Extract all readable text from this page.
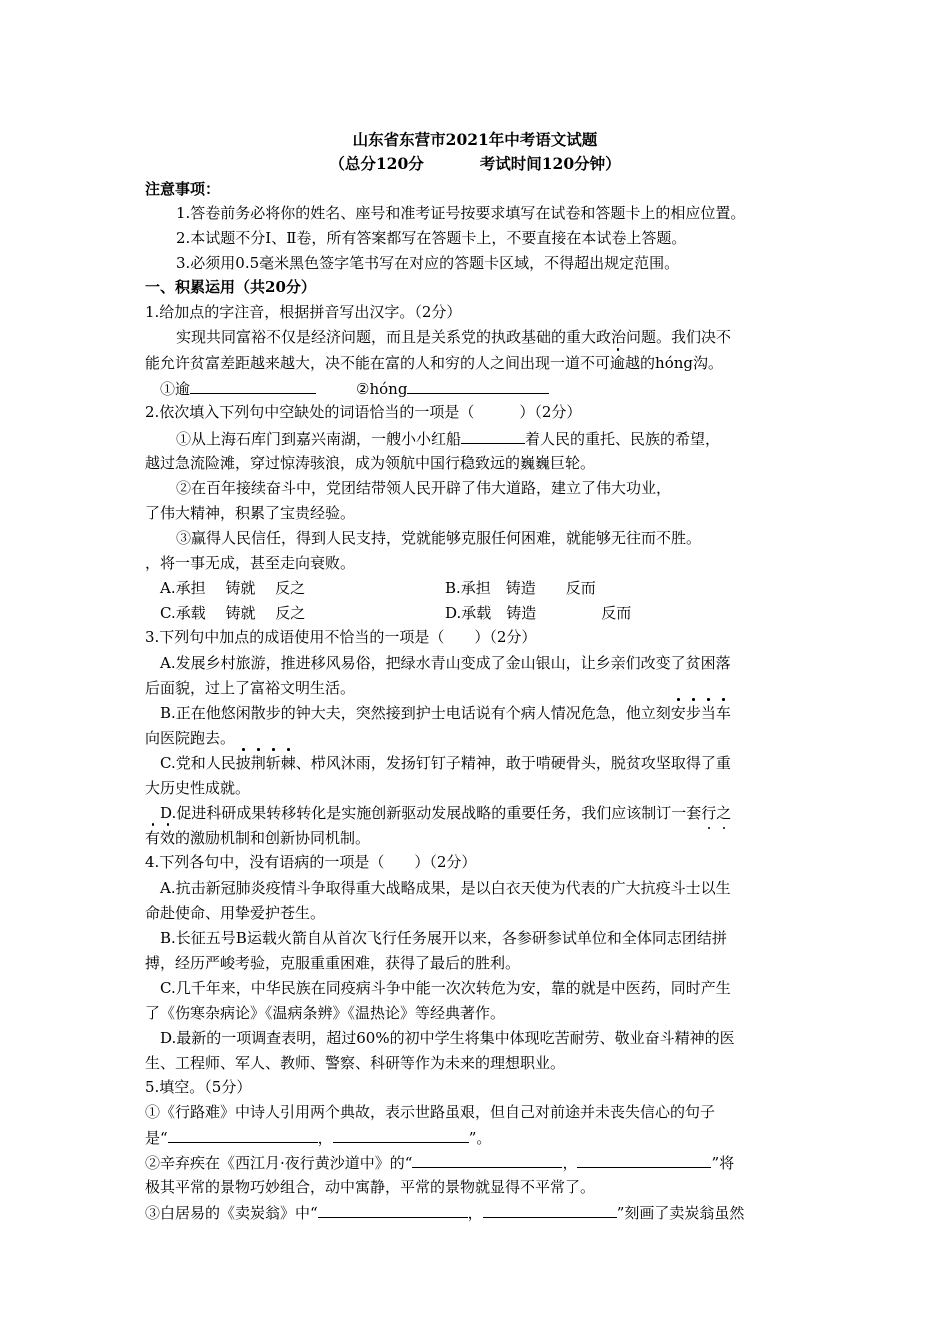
山东省东营市2021年中考语文试题
（总分120分	考试时间120分钟）
注意事项：
1.答卷前务必将你的姓名、座号和准考证号按要求填写在试卷和答题卡上的相应位置。
2.本试题不分Ⅰ、Ⅱ卷，所有答案都写在答题卡上，不要直接在本试卷上答题。
3.必须用0.5毫米黑色签字笔书写在对应的答题卡区域，不得超出规定范围。
一、积累运用（共20分）
1.给加点的字注音，根据拼音写出汉字。（2分）
实现共同富裕不仅是经济问题，而且是关系党的执政基础的重大政治问题。我们决不
能允许贫富差距越来越大，决不能在富的人和穷的人之间出现一道不可逾越的hóng沟。
①逾	②hóng
2.依次填入下列句中空缺处的词语恰当的一项是（　　　）（2分）
①从上海石库门到嘉兴南湖，一艘小小红船	着人民的重托、民族的希望，
越过急流险滩，穿过惊涛骇浪，成为领航中国行稳致远的巍巍巨轮。
②在百年接续奋斗中，党团结带领人民开辟了伟大道路，建立了伟大功业，
了伟大精神，积累了宝贵经验。
③赢得人民信任，得到人民支持，党就能够克服任何困难，就能够无往而不胜。
，将一事无成，甚至走向衰败。
A.承担　 铸就　 反之	B.承担　铸造　　反而
C.承载　 铸就　 反之	D.承载　铸造	反而
3.下列句中加点的成语使用不恰当的一项是（　　）（2分）
A.发展乡村旅游，推进移风易俗，把绿水青山变成了金山银山，让乡亲们改变了贫困落
后面貌，过上了富裕文明生活。
B.正在他悠闲散步的钟大夫，突然接到护士电话说有个病人情况危急，他立刻安步当车
向医院跑去。
C.党和人民披荆斩棘、栉风沐雨，发扬钉钉子精神，敢于啃硬骨头，脱贫攻坚取得了重
大历史性成就。
D.促进科研成果转移转化是实施创新驱动发展战略的重要任务，我们应该制订一套行之
有效的激励机制和创新协同机制。
4.下列各句中，没有语病的一项是（　　）（2分）
A.抗击新冠肺炎疫情斗争取得重大战略成果，是以白衣天使为代表的广大抗疫斗士以生
命赴使命、用挚爱护苍生。
B.长征五号B运载火箭自从首次飞行任务展开以来，各参研参试单位和全体同志团结拼
搏，经历严峻考验，克服重重困难，获得了最后的胜利。
C.几千年来，中华民族在同疫病斗争中能一次次转危为安，靠的就是中医药，同时产生
了《伤寒杂病论》《温病条辨》《温热论》等经典著作。
D.最新的一项调查表明，超过60%的初中学生将集中体现吃苦耐劳、敬业奋斗精神的医
生、工程师、军人、教师、警察、科研等作为未来的理想职业。
5.填空。（5分）
①《行路难》中诗人引用两个典故，表示世路虽艰，但自己对前途并未丧失信心的句子
是“	，	”。
②辛弃疾在《西江月·夜行黄沙道中》的“	，	”将
极其平常的景物巧妙组合，动中寓静，平常的景物就显得不平常了。
③白居易的《卖炭翁》中“	，	”刻画了卖炭翁虽然
